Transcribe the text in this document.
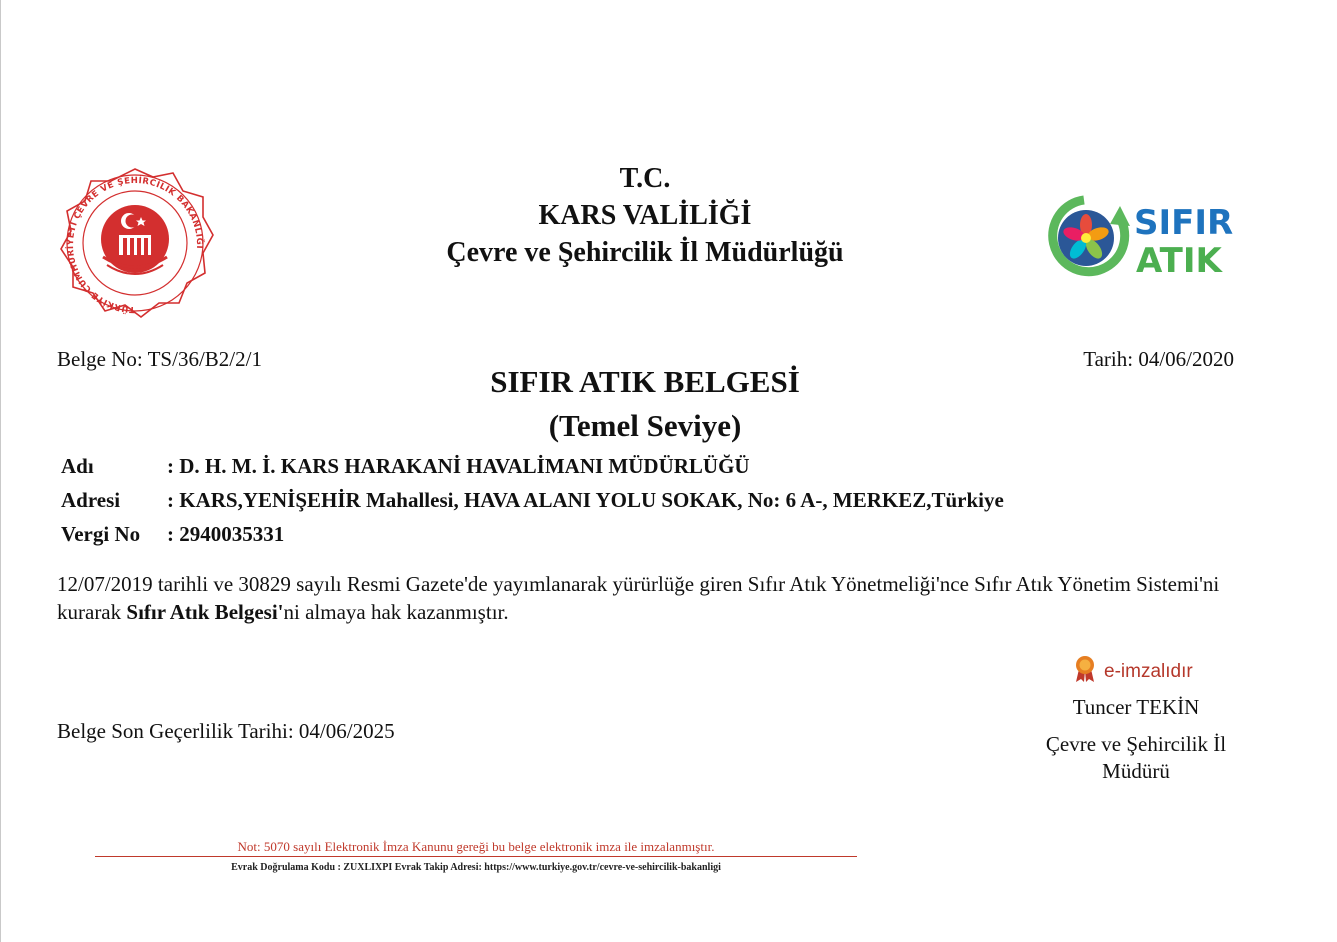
TÜRKİYE CUMHURİYETİ ÇEVRE VE ŞEHİRCİLİK BAKANLIĞI
T.C.
KARS VALİLİĞİ
Çevre ve Şehircilik İl Müdürlüğü
SIFIR
ATIK
Belge No: TS/36/B2/2/1	Tarih: 04/06/2020
SIFIR ATIK BELGESİ
(Temel Seviye)
Adı	: D. H. M. İ. KARS HARAKANİ HAVALİMANI MÜDÜRLÜĞÜ
Adresi	: KARS,YENİŞEHİR Mahallesi, HAVA ALANI YOLU SOKAK, No: 6 A-, MERKEZ,Türkiye
Vergi No	: 2940035331
12/07/2019 tarihli ve 30829 sayılı Resmi Gazete'de yayımlanarak yürürlüğe giren Sıfır Atık Yönetmeliği'nce Sıfır Atık Yönetim Sistemi'ni kurarak Sıfır Atık Belgesi'ni almaya hak kazanmıştır.
Belge Son Geçerlilik Tarihi: 04/06/2025
e-imzalıdır
Tuncer TEKİN
Çevre ve Şehircilik İl
Müdürü
Not: 5070 sayılı Elektronik İmza Kanunu gereği bu belge elektronik imza ile imzalanmıştır.
Evrak Doğrulama Kodu : ZUXLIXPI Evrak Takip Adresi: https://www.turkiye.gov.tr/cevre-ve-sehircilik-bakanligi
